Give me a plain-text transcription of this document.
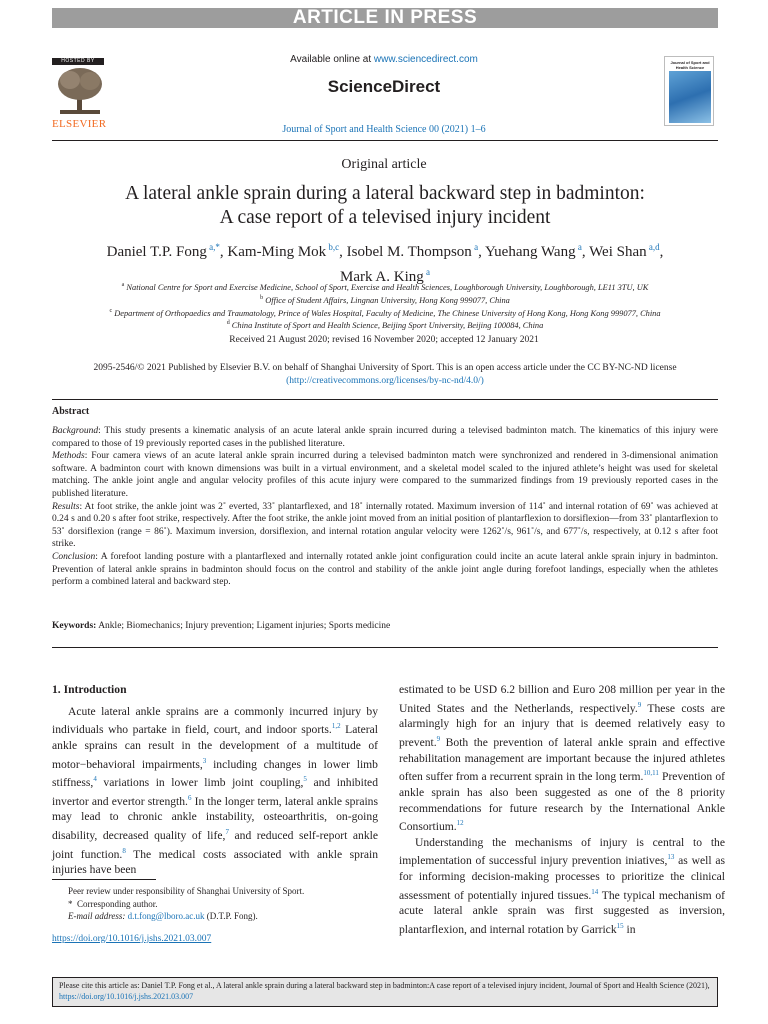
ARTICLE IN PRESS
HOSTED BY
ELSEVIER
Available online at www.sciencedirect.com
ScienceDirect
Journal of Sport and Health Science 00 (2021) 1–6
Journal of Sport and Health Science
Original article
A lateral ankle sprain during a lateral backward step in badminton:
A case report of a televised injury incident
Daniel T.P. Fong $^{a,*}$, Kam-Ming Mok $^{b,c}$, Isobel M. Thompson $^a$, Yuehang Wang $^a$, Wei Shan $^{a,d}$,
Mark A. King $^a$
$^a$ National Centre for Sport and Exercise Medicine, School of Sport, Exercise and Health Sciences, Loughborough University, Loughborough, LE11 3TU, UK
$^b$ Office of Student Affairs, Lingnan University, Hong Kong 999077, China
$^c$ Department of Orthopaedics and Traumatology, Prince of Wales Hospital, Faculty of Medicine, The Chinese University of Hong Kong, Hong Kong 999077, China
$^d$ China Institute of Sport and Health Science, Beijing Sport University, Beijing 100084, China
Received 21 August 2020; revised 16 November 2020; accepted 12 January 2021
2095-2546/© 2021 Published by Elsevier B.V. on behalf of Shanghai University of Sport. This is an open access article under the CC BY-NC-ND license
(http://creativecommons.org/licenses/by-nc-nd/4.0/)
Abstract

Background: This study presents a kinematic analysis of an acute lateral ankle sprain incurred during a televised badminton match. The kinematics of this injury were compared to those of 19 previously reported cases in the published literature.

Methods: Four camera views of an acute lateral ankle sprain incurred during a televised badminton match were synchronized and rendered in 3-dimensional animation software. A badminton court with known dimensions was built in a virtual environment, and a skeletal model scaled to the injured athlete’s height was used for skeletal matching. The ankle joint angle and angular velocity profiles of this acute injury were compared to the summarized findings from 19 previously reported cases in the published literature.

Results: At foot strike, the ankle joint was 2˚ everted, 33˚ plantarflexed, and 18˚ internally rotated. Maximum inversion of 114˚ and internal rotation of 69˚ was achieved at 0.24 s and 0.20 s after foot strike, respectively. After the foot strike, the ankle joint moved from an initial position of plantarflexion to dorsiflexion—from 33˚ plantarflexion to 53˚ dorsiflexion (range = 86˚). Maximum inversion, dorsiflexion, and internal rotation angular velocity were 1262˚/s, 961˚/s, and 677˚/s, respectively, at 0.12 s after foot strike.

Conclusion: A forefoot landing posture with a plantarflexed and internally rotated ankle joint configuration could incite an acute lateral ankle sprain injury in badminton. Prevention of lateral ankle sprains in badminton should focus on the control and stability of the ankle joint angle during forefoot landings, especially when the athletes perform a combined lateral and backward step.

Keywords: Ankle; Biomechanics; Injury prevention; Ligament injuries; Sports medicine

1. Introduction

Acute lateral ankle sprains are a commonly incurred injury by individuals who partake in field, court, and indoor sports.$^{1,2}$ Lateral ankle sprains can result in the development of a multitude of motor−behavioral impairments,$^3$ including changes in lower limb stiffness,$^4$ variations in lower limb joint coupling,$^5$ and inhibited invertor and evertor strength.$^6$ In the longer term, lateral ankle sprains may lead to chronic ankle instability, osteoarthritis, on-going disability, decreased quality of life,$^7$ and reduced self-report ankle joint function.$^8$ The medical costs associated with ankle sprain injuries have been

estimated to be USD 6.2 billion and Euro 208 million per year in the United States and the Netherlands, respectively.$^9$ These costs are alarmingly high for an injury that is deemed relatively easy to prevent.$^9$ Both the prevention of lateral ankle sprain and effective rehabilitation management are important because the injured athletes often suffer from a recurrent sprain in the long term.$^{10,11}$ Prevention of ankle sprain has also been suggested as one of the 8 priority recommendations for future research by the International Ankle Consortium.$^{12}$

Understanding the mechanisms of injury is central to the implementation of successful injury prevention iniatives,$^{13}$ as well as for informing decision-making processes to prioritize the clinical assessment of potentially injured tissues.$^{14}$ The typical mechanism of acute lateral ankle sprain was first suggested as inversion, plantarflexion, and internal rotation by Garrick$^{15}$ in

Peer review under responsibility of Shanghai University of Sport.

* Corresponding author.

E-mail address: d.t.fong@lboro.ac.uk (D.T.P. Fong).

https://doi.org/10.1016/j.jshs.2021.03.007
Please cite this article as: Daniel T.P. Fong et al., A lateral ankle sprain during a lateral backward step in badminton:A case report of a televised injury incident, Journal of Sport and Health Science (2021), https://doi.org/10.1016/j.jshs.2021.03.007
